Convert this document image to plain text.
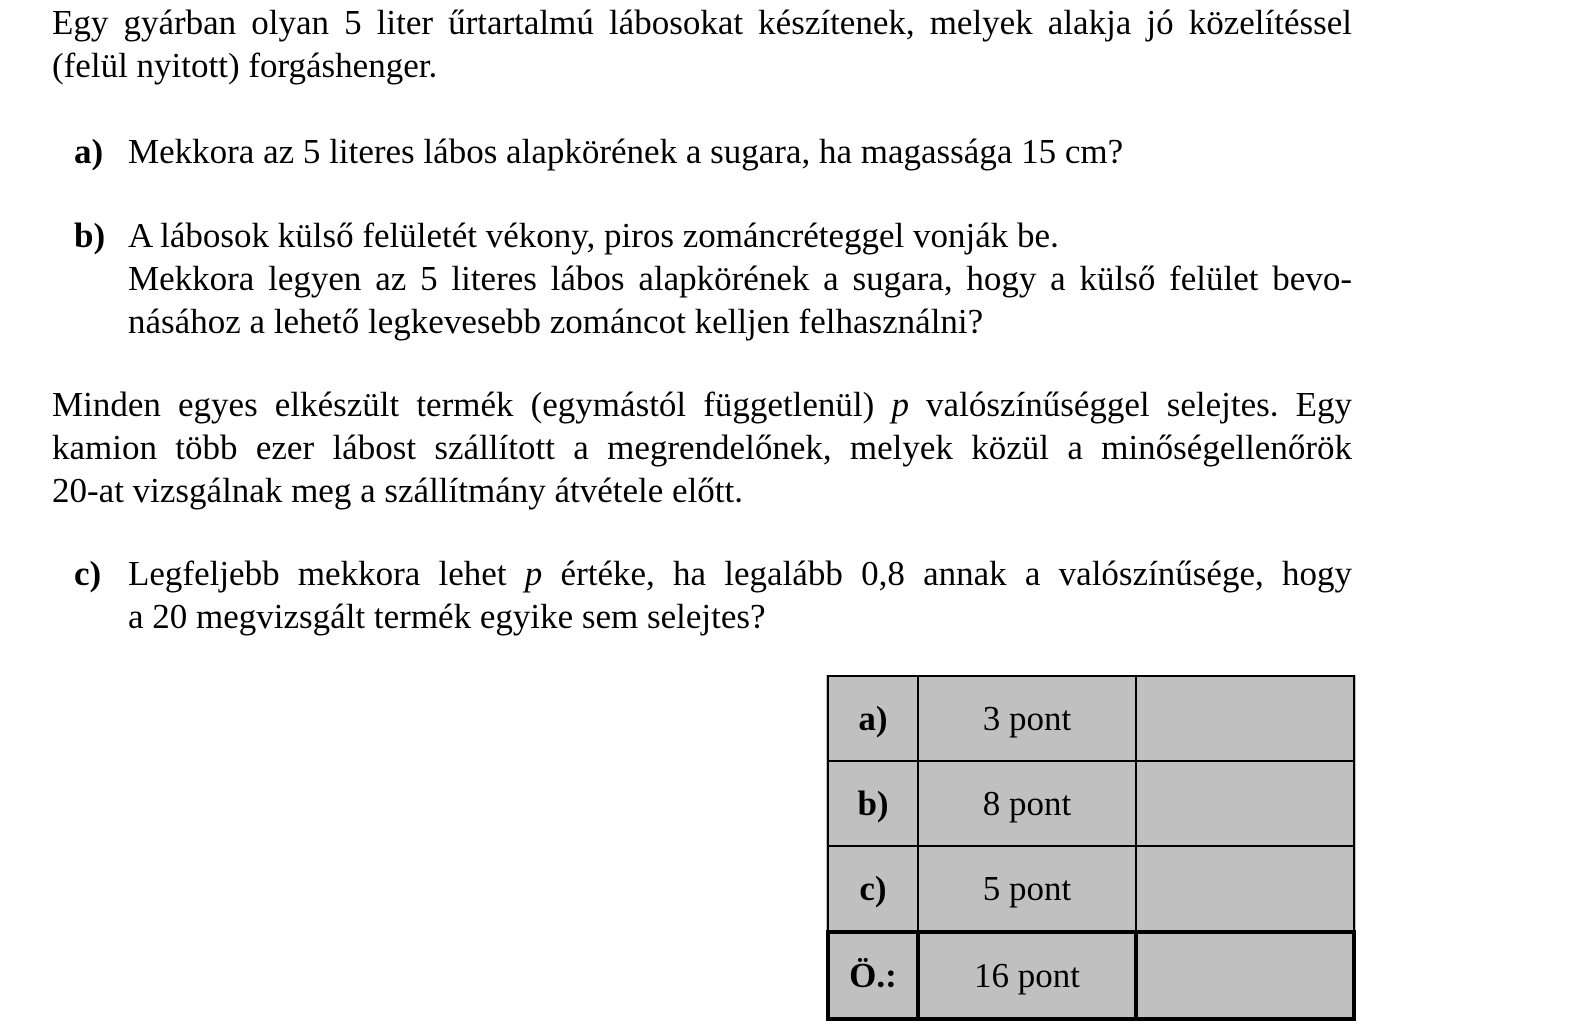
Egy gyárban olyan 5 liter űrtartalmú lábosokat készítenek, melyek alakja jó közelítéssel
(felül nyitott) forgáshenger.
a) Mekkora az 5 literes lábos alapkörének a sugara, ha magassága 15 cm?
b) A lábosok külső felületét vékony, piros zománcréteggel vonják be.
Mekkora legyen az 5 literes lábos alapkörének a sugara, hogy a külső felület bevo-
násához a lehető legkevesebb zománcot kelljen felhasználni?
Minden egyes elkészült termék (egymástól függetlenül) p valószínűséggel selejtes. Egy
kamion több ezer lábost szállított a megrendelőnek, melyek közül a minőségellenőrök
20-at vizsgálnak meg a szállítmány átvétele előtt.
c) Legfeljebb mekkora lehet p értéke, ha legalább 0,8 annak a valószínűsége, hogy
a 20 megvizsgált termék egyike sem selejtes?
a)	3 pont	
b)	8 pont	
c)	5 pont	
Ö.:	16 pont	
